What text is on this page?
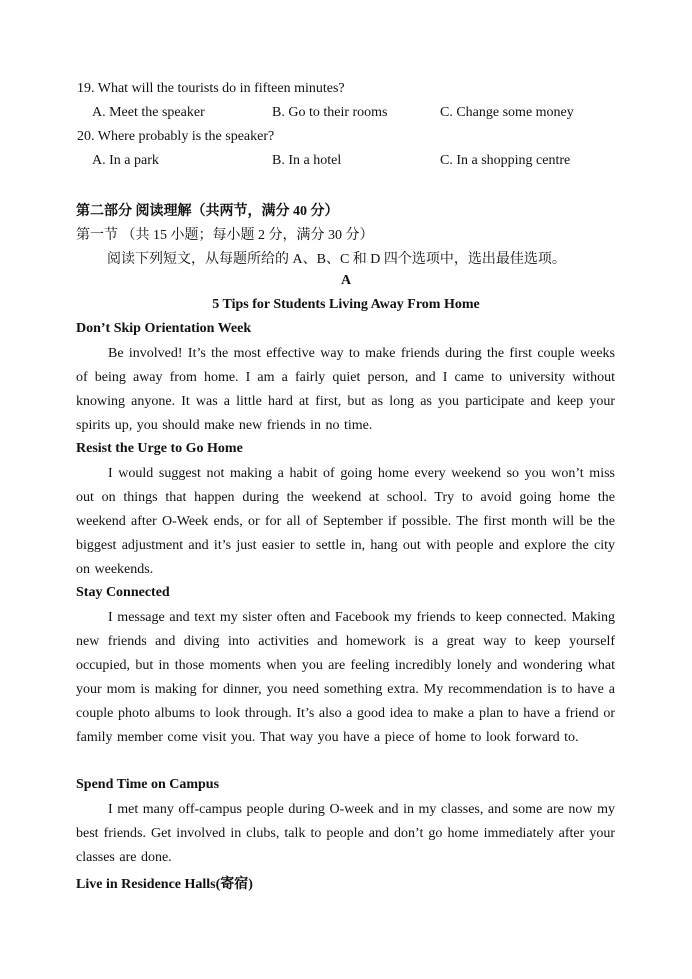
19. What will the tourists do in fifteen minutes?
A. Meet the speaker	B. Go to their rooms	C. Change some money
20. Where probably is the speaker?
A. In a park	B. In a hotel	C. In a shopping centre
第二部分 阅读理解（共两节，满分 40 分）
第一节 （共 15 小题；每小题 2 分，满分 30 分）
阅读下列短文，从每题所给的 A、B、C 和 D 四个选项中，选出最佳选项。
A
5 Tips for Students Living Away From Home
Don’t Skip Orientation Week
Be involved! It’s the most effective way to make friends during the first couple weeks of being away from home. I am a fairly quiet person, and I came to university without knowing anyone. It was a little hard at first, but as long as you participate and keep your spirits up, you should make new friends in no time.
Resist the Urge to Go Home
I would suggest not making a habit of going home every weekend so you won’t miss out on things that happen during the weekend at school. Try to avoid going home the weekend after O-Week ends, or for all of September if possible. The first month will be the biggest adjustment and it’s just easier to settle in, hang out with people and explore the city on weekends.
Stay Connected
I message and text my sister often and Facebook my friends to keep connected. Making new friends and diving into activities and homework is a great way to keep yourself occupied, but in those moments when you are feeling incredibly lonely and wondering what your mom is making for dinner, you need something extra. My recommendation is to have a couple photo albums to look through. It’s also a good idea to make a plan to have a friend or family member come visit you. That way you have a piece of home to look forward to.
Spend Time on Campus
I met many off-campus people during O-week and in my classes, and some are now my best friends. Get involved in clubs, talk to people and don’t go home immediately after your classes are done.
Live in Residence Halls(寄宿)
